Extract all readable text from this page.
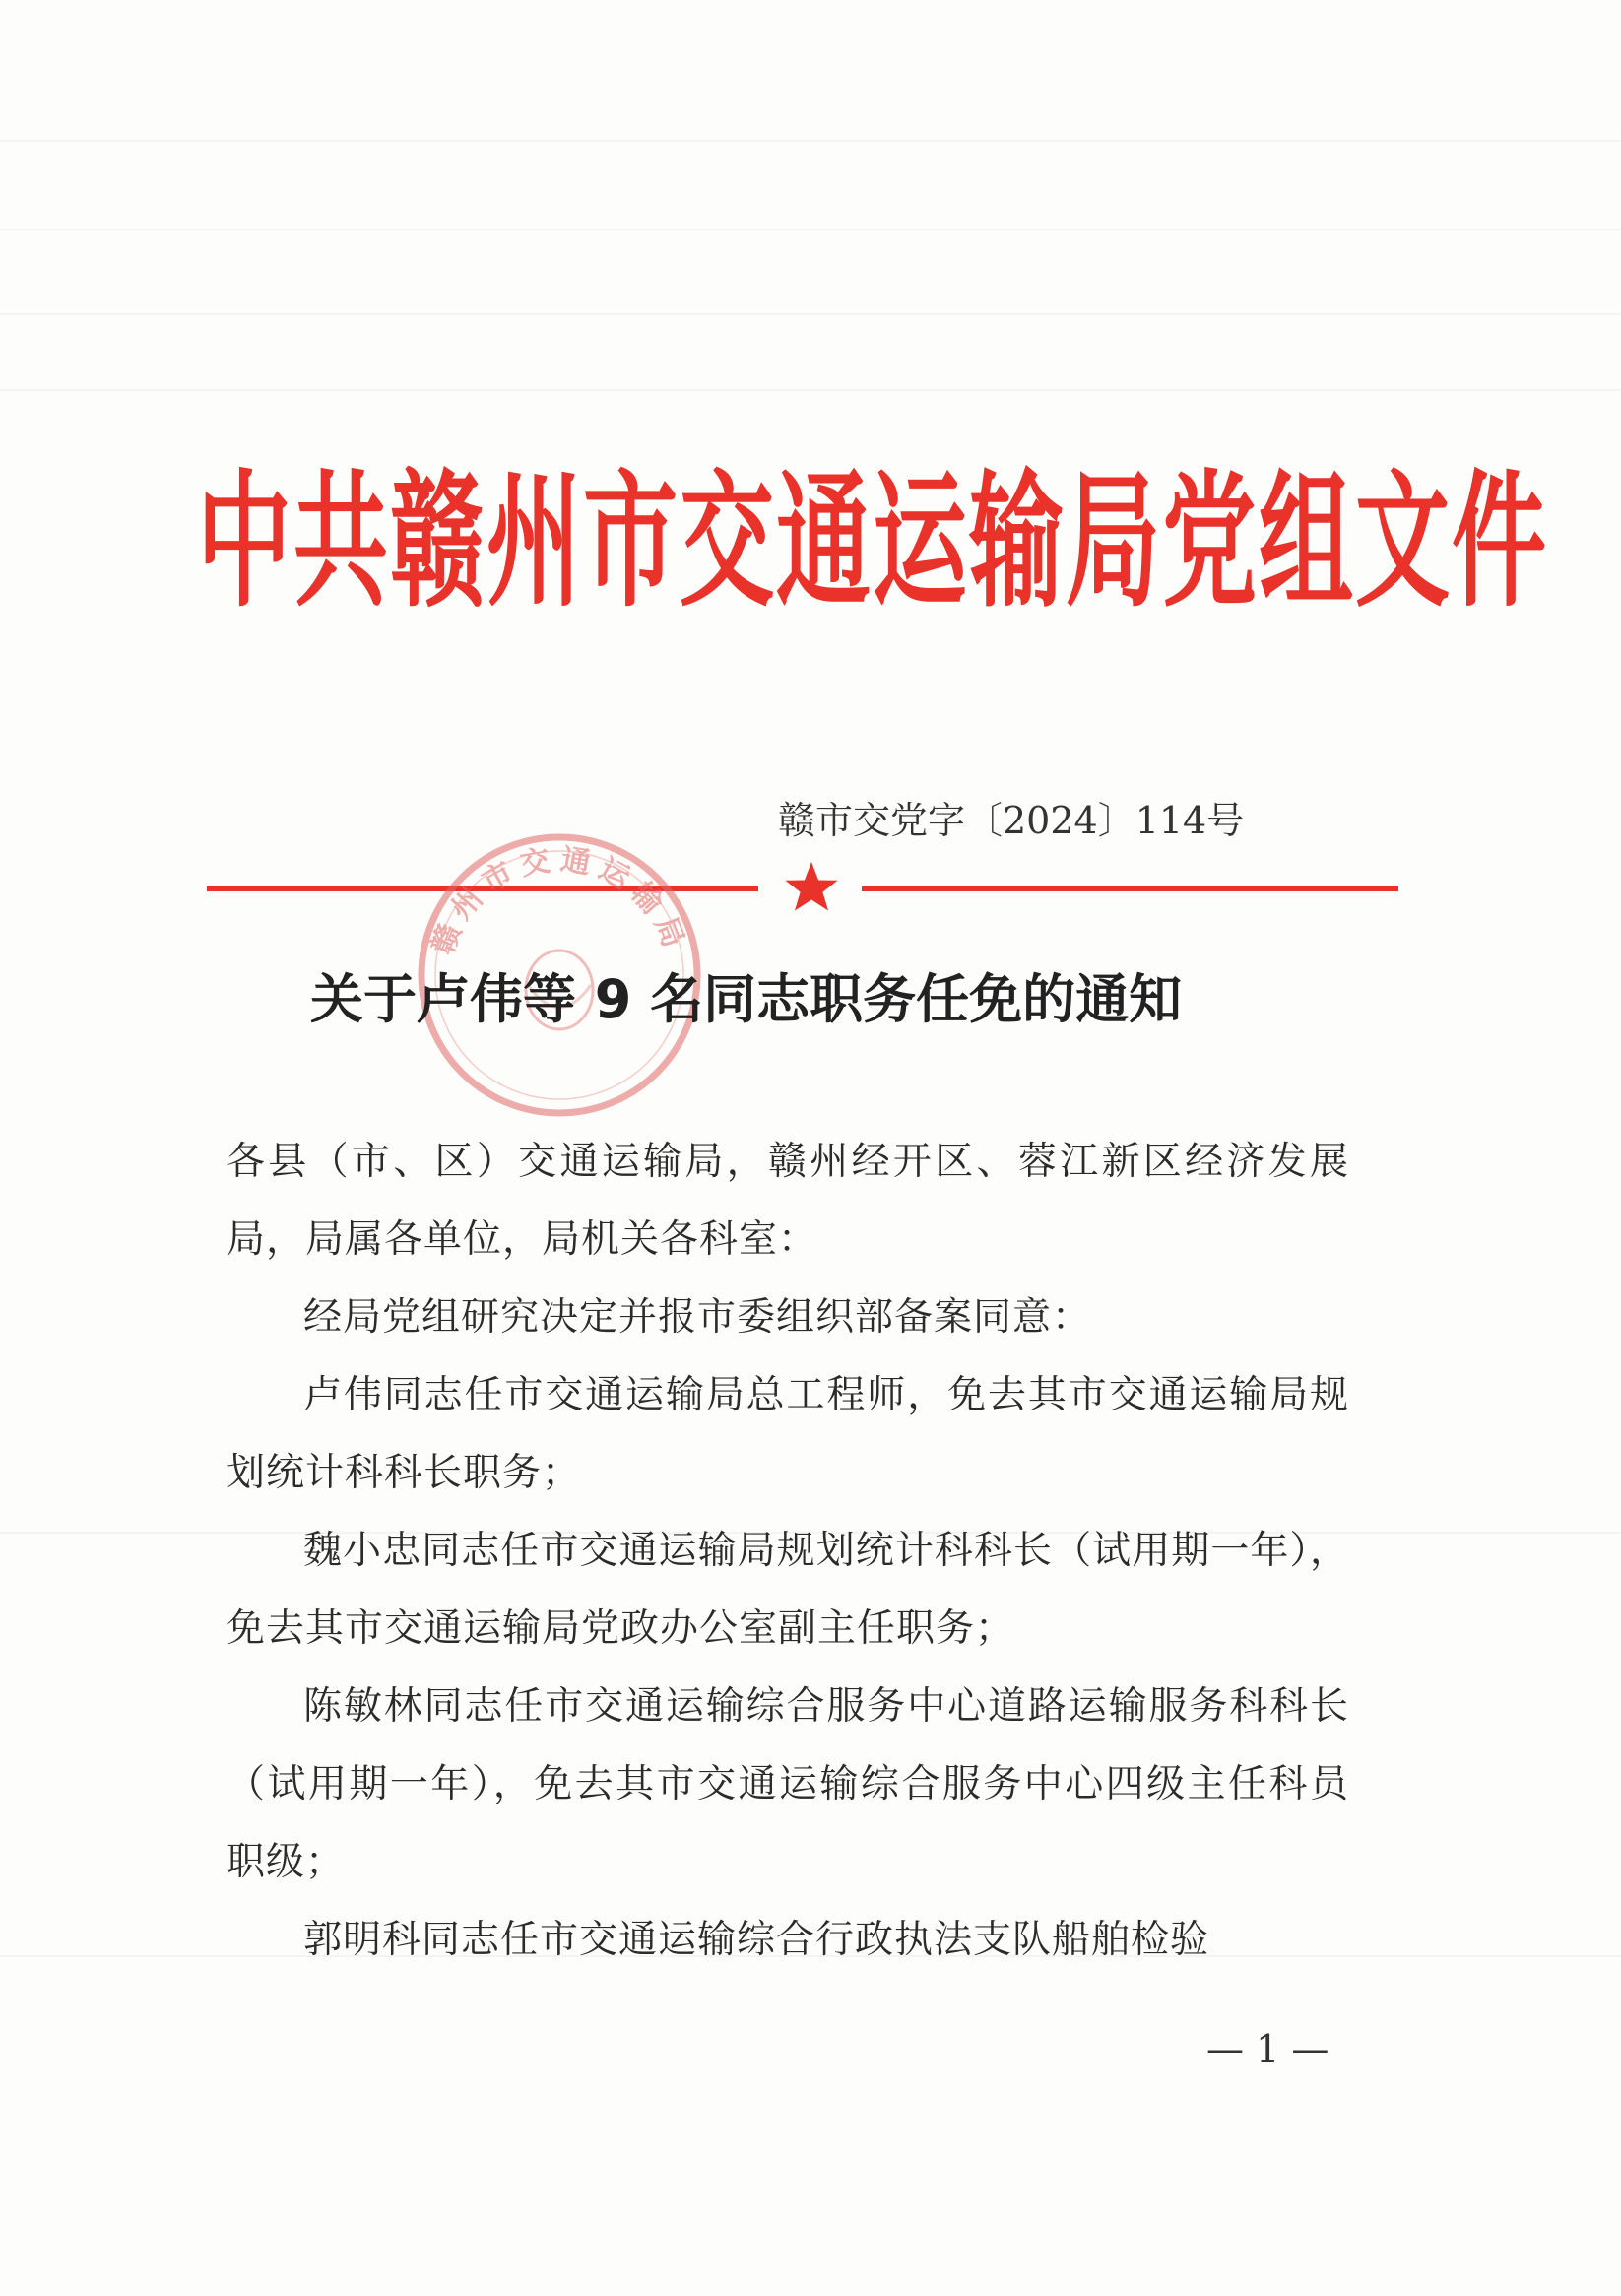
中共赣州市交通运输局党组文件
赣市交党字〔2024〕114号
赣州市交通运输局
关于卢伟等 9 名同志职务任免的通知

各县（市、区）交通运输局，赣州经开区、蓉江新区经济发展局，局属各单位，局机关各科室：

经局党组研究决定并报市委组织部备案同意：

卢伟同志任市交通运输局总工程师，免去其市交通运输局规划统计科科长职务；

魏小忠同志任市交通运输局规划统计科科长（试用期一年），免去其市交通运输局党政办公室副主任职务；

陈敏林同志任市交通运输综合服务中心道路运输服务科科长（试用期一年），免去其市交通运输综合服务中心四级主任科员职级；

郭明科同志任市交通运输综合行政执法支队船舶检验

— 1 —
